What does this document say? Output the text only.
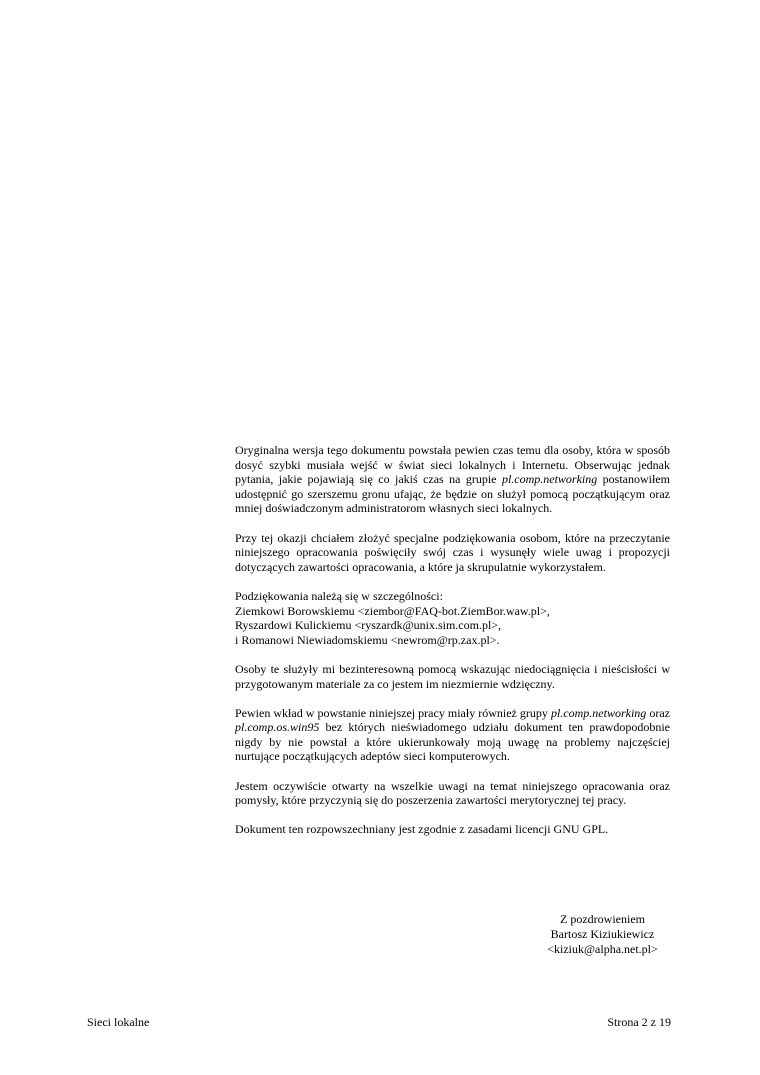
Oryginalna wersja tego dokumentu powstała pewien czas temu dla osoby, która w sposób dosyć szybki musiała wejść w świat sieci lokalnych i Internetu. Obserwując jednak pytania, jakie pojawiają się co jakiś czas na grupie pl.comp.networking postanowiłem udostępnić go szerszemu gronu ufając, że będzie on służył pomocą początkującym oraz mniej doświadczonym administratorom własnych sieci lokalnych.

Przy tej okazji chciałem złożyć specjalne podziękowania osobom, które na przeczytanie niniejszego opracowania poświęciły swój czas i wysunęły wiele uwag i propozycji dotyczących zawartości opracowania, a które ja skrupulatnie wykorzystałem.

Podziękowania należą się w szczególności:
Ziemkowi Borowskiemu <ziembor@FAQ-bot.ZiemBor.waw.pl>,
Ryszardowi Kulickiemu <ryszardk@unix.sim.com.pl>,
i Romanowi Niewiadomskiemu <newrom@rp.zax.pl>.

Osoby te służyły mi bezinteresowną pomocą wskazując niedociągnięcia i nieścisłości w przygotowanym materiale za co jestem im niezmiernie wdzięczny.

Pewien wkład w powstanie niniejszej pracy miały również grupy pl.comp.networking oraz pl.comp.os.win95 bez których nieświadomego udziału dokument ten prawdopodobnie nigdy by nie powstał a które ukierunkowały moją uwagę na problemy najczęściej nurtujące początkujących adeptów sieci komputerowych.

Jestem oczywiście otwarty na wszelkie uwagi na temat niniejszego opracowania oraz pomysły, które przyczynią się do poszerzenia zawartości merytorycznej tej pracy.

Dokument ten rozpowszechniany jest zgodnie z zasadami licencji GNU GPL.

Z pozdrowieniem
Bartosz Kiziukiewicz
<kiziuk@alpha.net.pl>
Sieci lokalne	Strona 2 z 19
